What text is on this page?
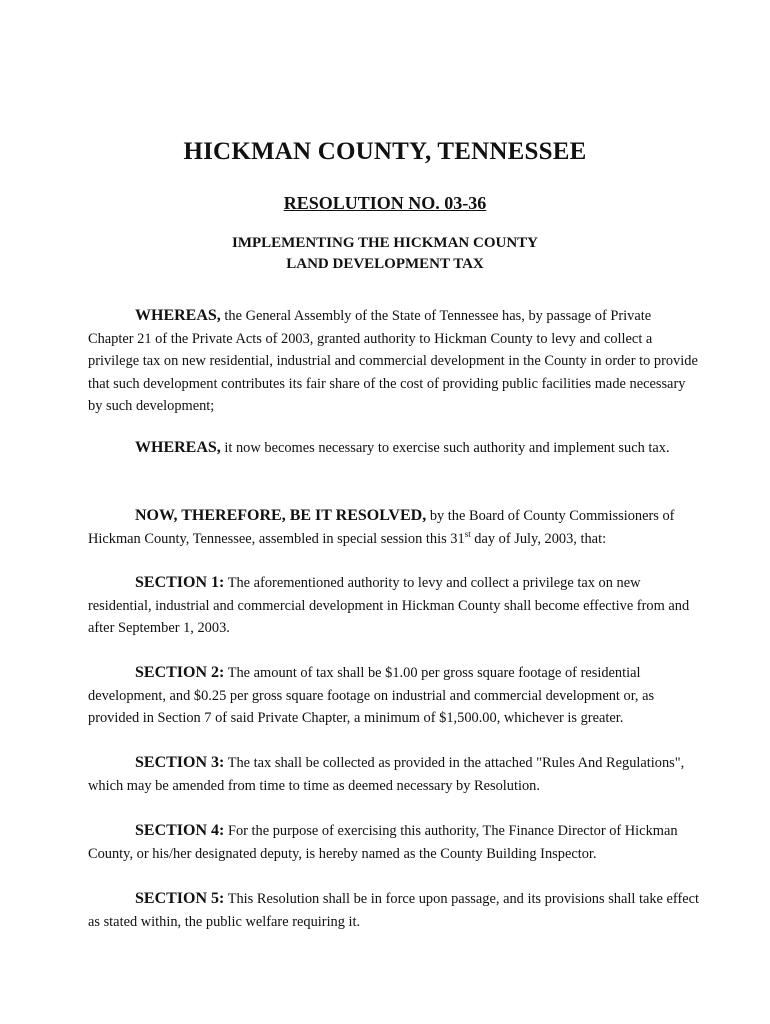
HICKMAN COUNTY, TENNESSEE
RESOLUTION NO. 03-36
IMPLEMENTING THE HICKMAN COUNTY
LAND DEVELOPMENT TAX

WHEREAS, the General Assembly of the State of Tennessee has, by passage of Private Chapter 21 of the Private Acts of 2003, granted authority to Hickman County to levy and collect a privilege tax on new residential, industrial and commercial development in the County in order to provide that such development contributes its fair share of the cost of providing public facilities made necessary by such development;

WHEREAS, it now becomes necessary to exercise such authority and implement such tax.

NOW, THEREFORE, BE IT RESOLVED, by the Board of County Commissioners of Hickman County, Tennessee, assembled in special session this 31st day of July, 2003, that:

SECTION 1: The aforementioned authority to levy and collect a privilege tax on new residential, industrial and commercial development in Hickman County shall become effective from and after September 1, 2003.

SECTION 2: The amount of tax shall be $1.00 per gross square footage of residential development, and $0.25 per gross square footage on industrial and commercial development or, as provided in Section 7 of said Private Chapter, a minimum of $1,500.00, whichever is greater.

SECTION 3: The tax shall be collected as provided in the attached "Rules And Regulations", which may be amended from time to time as deemed necessary by Resolution.

SECTION 4: For the purpose of exercising this authority, The Finance Director of Hickman County, or his/her designated deputy, is hereby named as the County Building Inspector.

SECTION 5: This Resolution shall be in force upon passage, and its provisions shall take effect as stated within, the public welfare requiring it.
